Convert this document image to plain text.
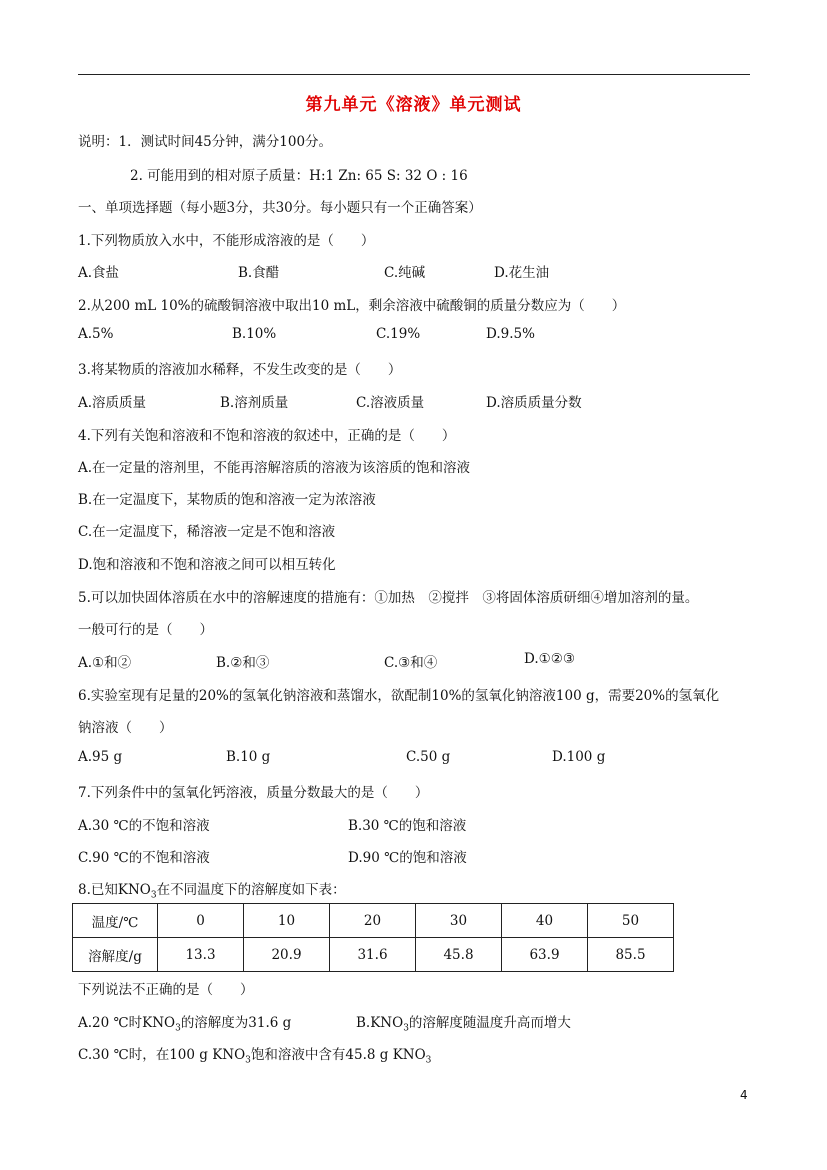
第九单元《溶液》单元测试
说明：1．测试时间45分钟，满分100分。
2. 可能用到的相对原子质量：H:1 Zn: 65 S: 32 O : 16
一、单项选择题（每小题3分，共30分。每小题只有一个正确答案）
1.下列物质放入水中，不能形成溶液的是（　　）
A.食盐	B.食醋	C.纯碱	D.花生油
2.从200 mL 10%的硫酸铜溶液中取出10 mL，剩余溶液中硫酸铜的质量分数应为（　　）
A.5%	B.10%	C.19%	D.9.5%
3.将某物质的溶液加水稀释，不发生改变的是（　　）
A.溶质质量	B.溶剂质量	C.溶液质量	D.溶质质量分数
4.下列有关饱和溶液和不饱和溶液的叙述中，正确的是（　　）
A.在一定量的溶剂里，不能再溶解溶质的溶液为该溶质的饱和溶液
B.在一定温度下，某物质的饱和溶液一定为浓溶液
C.在一定温度下，稀溶液一定是不饱和溶液
D.饱和溶液和不饱和溶液之间可以相互转化
5.可以加快固体溶质在水中的溶解速度的措施有：①加热　②搅拌　③将固体溶质研细④增加溶剂的量。
一般可行的是（　　）
A.①和②	B.②和③	C.③和④	D.①②③
6.实验室现有足量的20%的氢氧化钠溶液和蒸馏水，欲配制10%的氢氧化钠溶液100 g，需要20%的氢氧化
钠溶液（　　）
A.95 g	B.10 g	C.50 g	D.100 g
7.下列条件中的氢氧化钙溶液，质量分数最大的是（　　）
A.30 ℃的不饱和溶液	B.30 ℃的饱和溶液
C.90 ℃的不饱和溶液	D.90 ℃的饱和溶液
8.已知$KNO_3$在不同温度下的溶解度如下表：
温度/℃	0	10	20	30	40	50
溶解度/g	13.3	20.9	31.6	45.8	63.9	85.5
下列说法不正确的是（　　）
A.20 ℃时$KNO_3$的溶解度为31.6 g	$B.KNO_3$的溶解度随温度升高而增大
C.30 ℃时，在100 g $KNO_3$饱和溶液中含有45.8 g $KNO_3$
4
